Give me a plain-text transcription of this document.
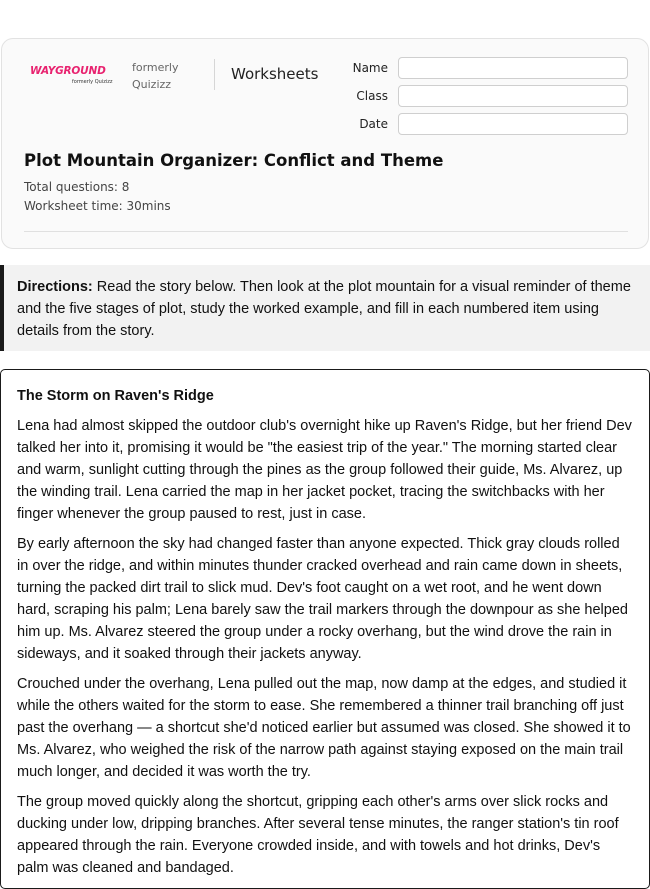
WAYGROUND
formerly Quizizz
formerly Quizizz
Worksheets	Name
Class
Date
Plot Mountain Organizer: Conflict and Theme
Total questions: 8
Worksheet time: 30mins
Directions: Read the story below. Then look at the plot mountain for a visual reminder of theme and the five stages of plot, study the worked example, and fill in each numbered item using details from the story.
The Storm on Raven's Ridge

Lena had almost skipped the outdoor club's overnight hike up Raven's Ridge, but her friend Dev talked her into it, promising it would be "the easiest trip of the year." The morning started clear and warm, sunlight cutting through the pines as the group followed their guide, Ms. Alvarez, up the winding trail. Lena carried the map in her jacket pocket, tracing the switchbacks with her finger whenever the group paused to rest, just in case.

By early afternoon the sky had changed faster than anyone expected. Thick gray clouds rolled in over the ridge, and within minutes thunder cracked overhead and rain came down in sheets, turning the packed dirt trail to slick mud. Dev's foot caught on a wet root, and he went down hard, scraping his palm; Lena barely saw the trail markers through the downpour as she helped him up. Ms. Alvarez steered the group under a rocky overhang, but the wind drove the rain in sideways, and it soaked through their jackets anyway.

Crouched under the overhang, Lena pulled out the map, now damp at the edges, and studied it while the others waited for the storm to ease. She remembered a thinner trail branching off just past the overhang — a shortcut she'd noticed earlier but assumed was closed. She showed it to Ms. Alvarez, who weighed the risk of the narrow path against staying exposed on the main trail much longer, and decided it was worth the try.

The group moved quickly along the shortcut, gripping each other's arms over slick rocks and ducking under low, dripping branches. After several tense minutes, the ranger station's tin roof appeared through the rain. Everyone crowded inside, and with towels and hot drinks, Dev's palm was cleaned and bandaged.
